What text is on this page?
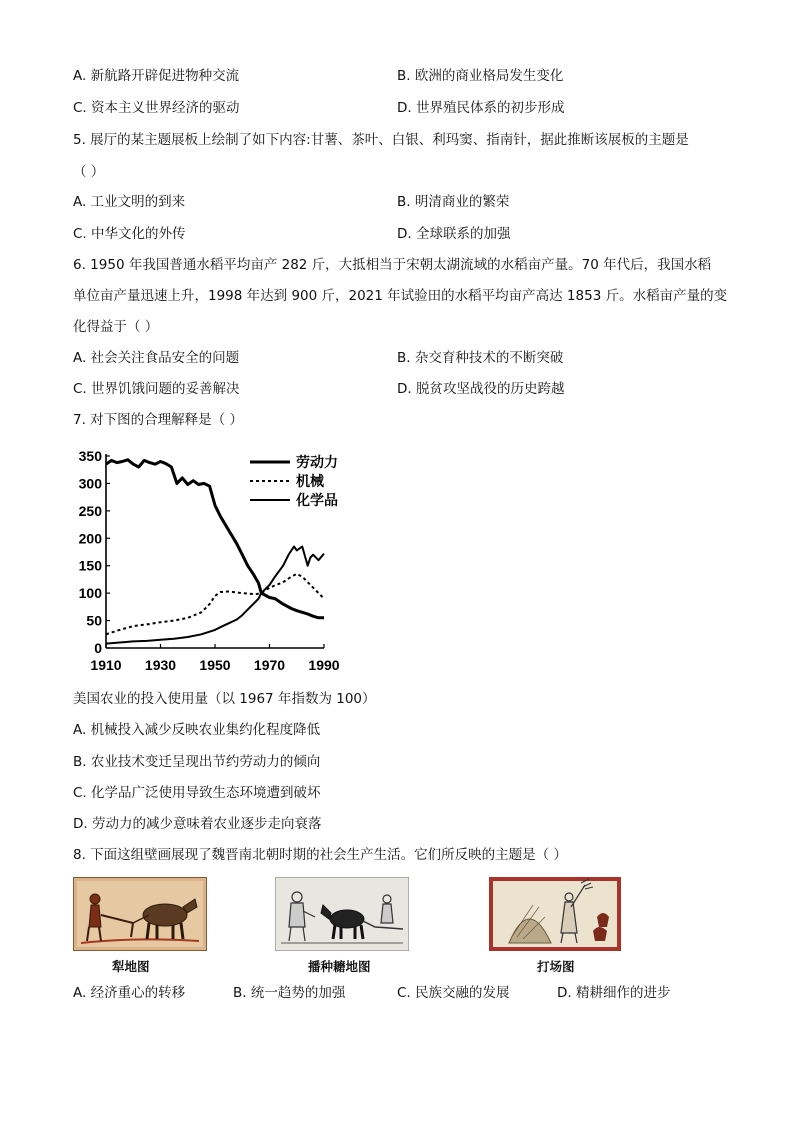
A. 新航路开辟促进物种交流	B. 欧洲的商业格局发生变化
C. 资本主义世界经济的驱动	D. 世界殖民体系的初步形成
5. 展厅的某主题展板上绘制了如下内容:甘薯、茶叶、白银、利玛窦、指南针，据此推断该展板的主题是
（ ）
A. 工业文明的到来	B. 明清商业的繁荣
C. 中华文化的外传	D. 全球联系的加强
6. 1950 年我国普通水稻平均亩产 282 斤，大抵相当于宋朝太湖流域的水稻亩产量。70 年代后，我国水稻
单位亩产量迅速上升，1998 年达到 900 斤，2021 年试验田的水稻平均亩产高达 1853 斤。水稻亩产量的变
化得益于（ ）
A. 社会关注食品安全的问题	B. 杂交育种技术的不断突破
C. 世界饥饿问题的妥善解决	D. 脱贫攻坚战役的历史跨越
7. 对下图的合理解释是（ ）
0
50
100
150
200
250
300
350
1910 1930 1950 1970 1990
劳动力
机械
化学品
美国农业的投入使用量（以 1967 年指数为 100）
A. 机械投入减少反映农业集约化程度降低
B. 农业技术变迁呈现出节约劳动力的倾向
C. 化学品广泛使用导致生态环境遭到破坏
D. 劳动力的减少意味着农业逐步走向衰落
8. 下面这组壁画展现了魏晋南北朝时期的社会生产生活。它们所反映的主题是（ ）
犁地图	播种耱地图	打场图
A. 经济重心的转移	B. 统一趋势的加强	C. 民族交融的发展	D. 精耕细作的进步
